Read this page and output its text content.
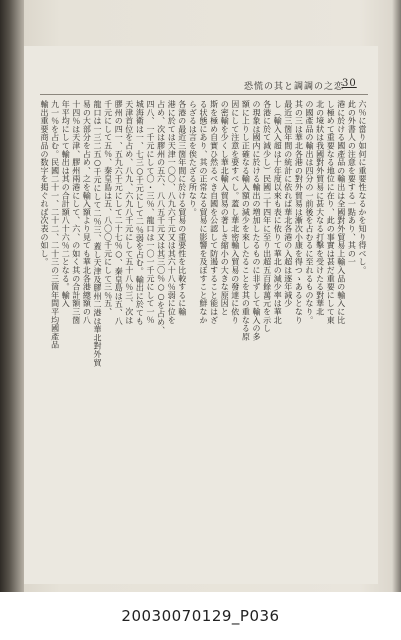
恐慌の其と調調の之恋
30
六％に當り如何に重要性なるかを知り得べし。
此の外書人の注意を要する一點あり、其の一
港に於ける國產品の輸出は全國對外貿易上輸入品の輸入に比
し極めて重要なる地位に在り、此の事實は甚だ重要にして東
北の境狀は我國對外貿易に甚大なる打擊を受けたる對華北
の國產品の輸出は四分の一前後を占むるに至れるものなり。
其の三は華北各港の對外貿易は漸次小康を得つゝあるとなり
最近三箇年間の統計に依れば華北各港の入超は逐年減少
し（輸入入超は十年度以來も表に依りて華北の減少率は華北
各港に於て減少し）民國二十四年に至り出超五百餘萬元を示し
の現象は國内に於ける輸出の増加したるものに非ずして輸入の多
額に上りし正確なる輸入額の減少を來したることを其の重なる原
因にして注意を要すべし。蓋し華北密輸入貿易の發達に依り
の密輸を少くし華北輸入貿易の著しき縮小の大きな原因と
斯を極め自實ひ然るべき自國を公認して防遏すること能はざ
る状態にあり、其の正常なる貿易に影響を及ぼすこと鮮なか
らざるは言を俟たざる所なり。
各港の最近三箇年間に於ける貿易の重要性を比較するに輸
港に於ては天津一〇〇、八九六千元又は其六十八％弱に位を
占め、次は膠州の五六、八八五千元又は其三〇％○○を占め、
四八、一千元にして〇・三％、龍口は一〇一千元にして一％
城海衛は一、七三○千元にして二％弱を占む。輸出に於ても
天津首位を占め、八九、六九八千元にして五十八％三、次は
膠州の四一、五九六千元にして二十七％○、秦皇島は五、八
千元にして五％、秦皇島は五、八〇〇千元にして三％五、
龍口は一三二五○千元にして二％三、蓋し天津及膠州二港は華北對外貿
易の大部分を占め、之を輸入額より見ても華北各港總額の八
十四％は天津、膠州兩港にして、六、の如く其の合計額三箇
年平均にして輸出は其の合計額八十六％二となる。輸入
九一％を占む。民國二十一、二十二、二十三の三箇年間平均國產品
輸出重要商品の数字を掲ぐれば次表の如し。
20030070129_P036
